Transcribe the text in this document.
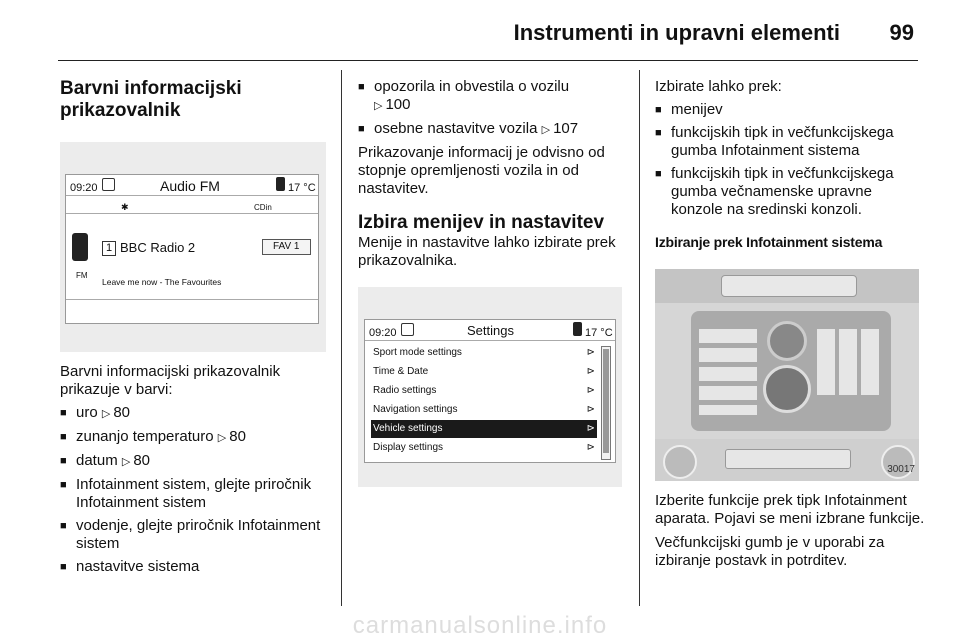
Instrumenti in upravni elementi 99
Barvni informacijski prikazovalnik
09:20	Audio FM	17 °C
✱	CDin
1 BBC Radio 2	FAV 1
FM
Leave me now - The Favourites

Barvni informacijski prikazovalnik prikazuje v barvi:

■ uro ▷ 80
■ zunanjo temperaturo ▷ 80
■ datum ▷ 80
■ Infotainment sistem, glejte priročnik Infotainment sistem
■ vodenje, glejte priročnik Infotainment sistem
■ nastavitve sistema
■ opozorila in obvestila o vozilu
▷ 100
■ osebne nastavitve vozila ▷ 107

Prikazovanje informacij je odvisno od stopnje opremljenosti vozila in od nastavitev.

Izbira menijev in nastavitev

Menije in nastavitve lahko izbirate prek prikazovalnika.

09:20	Settings	17 °C
Sport mode settings	⊳
Time & Date	⊳
Radio settings	⊳
Navigation settings	⊳
Vehicle settings	⊳
Display settings	⊳

Izbirate lahko prek:

■ menijev
■ funkcijskih tipk in večfunkcijskega gumba Infotainment sistema
■ funkcijskih tipk in večfunkcijskega gumba večnamenske upravne konzole na sredinski konzoli.

Izbiranje prek Infotainment sistema

30017

Izberite funkcije prek tipk Infotainment aparata. Pojavi se meni izbrane funkcije.

Večfunkcijski gumb je v uporabi za izbiranje postavk in potrditev.

carmanualsonline.info
